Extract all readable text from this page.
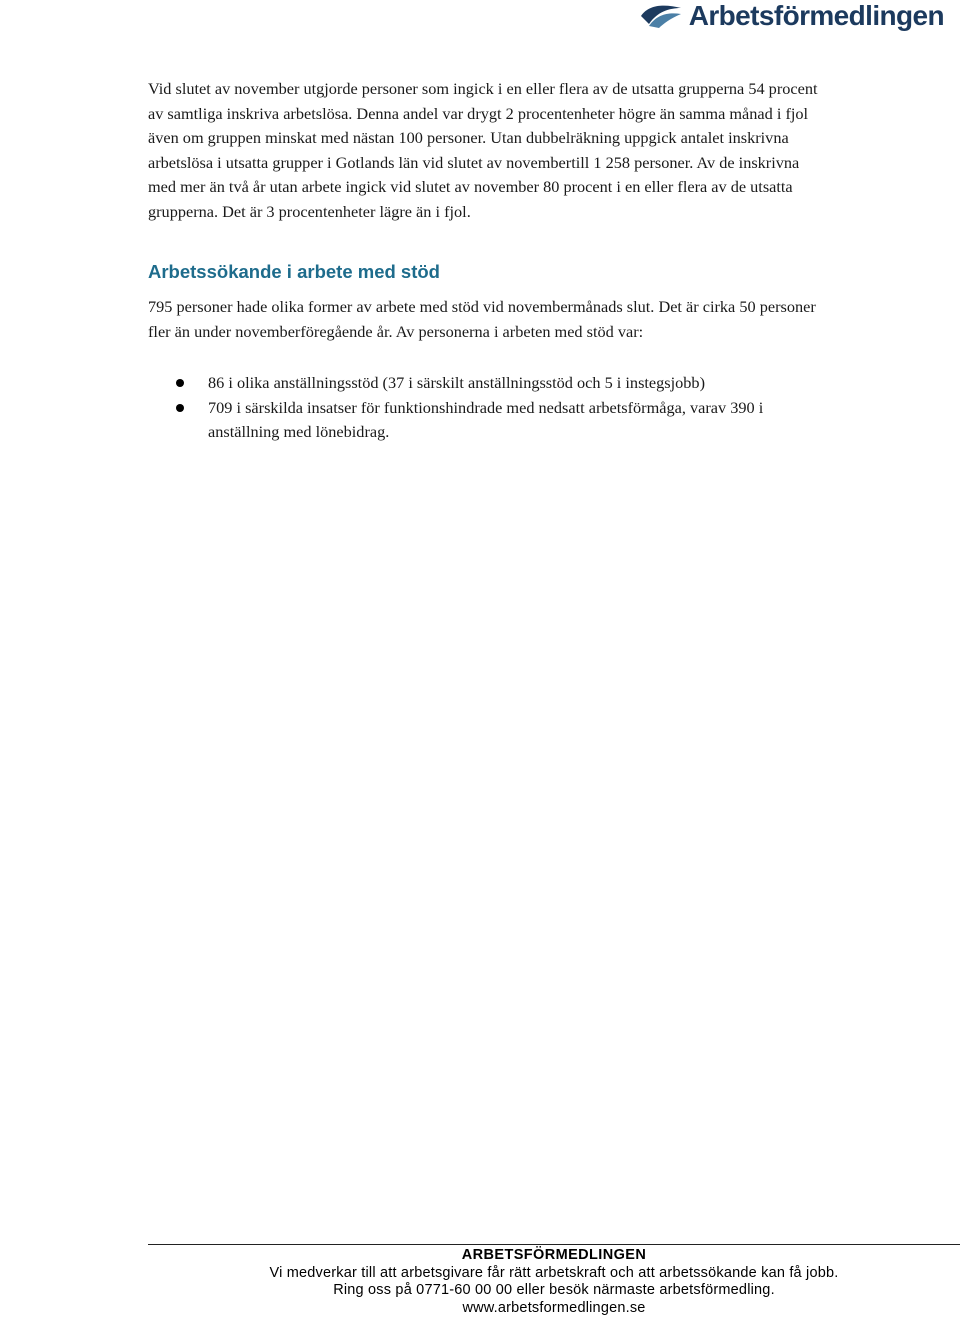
Arbetsförmedlingen

Vid slutet av november utgjorde personer som ingick i en eller flera av de utsatta grupperna 54 procent av samtliga inskriva arbetslösa. Denna andel var drygt 2 procentenheter högre än samma månad i fjol även om gruppen minskat med nästan 100 personer. Utan dubbelräkning uppgick antalet inskrivna arbetslösa i utsatta grupper i Gotlands län vid slutet av novembertill 1 258 personer. Av de inskrivna med mer än två år utan arbete ingick vid slutet av november 80 procent i en eller flera av de utsatta grupperna. Det är 3 procentenheter lägre än i fjol.

Arbetssökande i arbete med stöd

795 personer hade olika former av arbete med stöd vid novembermånads slut. Det är cirka 50 personer fler än under novemberföregående år. Av personerna i arbeten med stöd var:

86 i olika anställningsstöd (37 i särskilt anställningsstöd och 5 i instegsjobb)
709 i särskilda insatser för funktionshindrade med nedsatt arbetsförmåga, varav 390 i anställning med lönebidrag.
ARBETSFÖRMEDLINGEN
Vi medverkar till att arbetsgivare får rätt arbetskraft och att arbetssökande kan få jobb.
Ring oss på 0771-60 00 00 eller besök närmaste arbetsförmedling.
www.arbetsformedlingen.se
